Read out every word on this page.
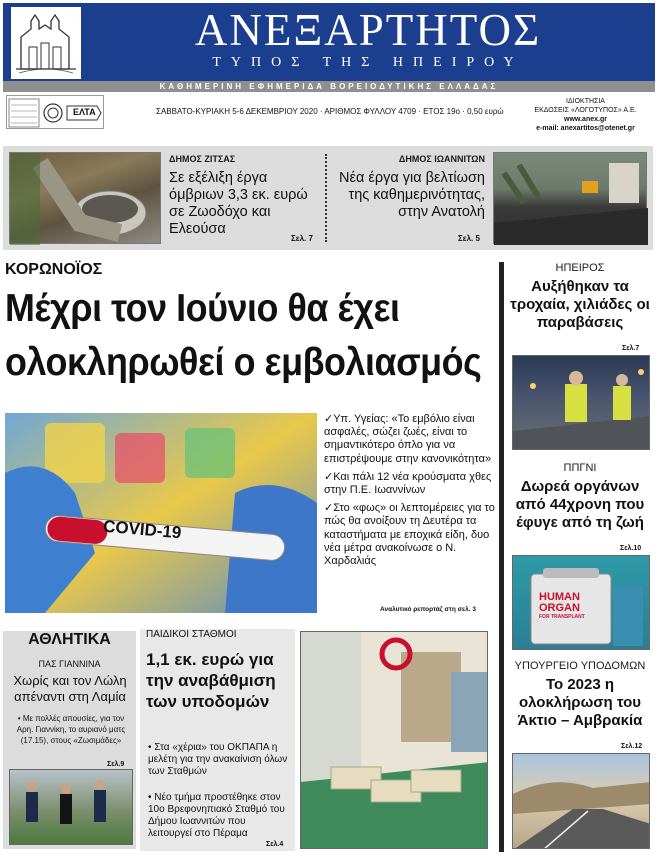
ΑΝΕΞΑΡΤΗΤΟΣ
ΤΥΠΟΣ ΤΗΣ ΗΠΕΙΡΟΥ
ΚΑΘΗΜΕΡΙΝΗ ΕΦΗΜΕΡΙΔΑ ΒΟΡΕΙΟΔΥΤΙΚΗΣ ΕΛΛΑΔΑΣ
ΕΛΤΑ	ΣΑΒΒΑΤΟ-ΚΥΡΙΑΚΗ 5-6 ΔΕΚΕΜΒΡΙΟΥ 2020 · ΑΡΙΘΜΟΣ ΦΥΛΛΟΥ 4709 · ΕΤΟΣ 19ο · 0,50 ευρώ
ΙΔΙΟΚΤΗΣΙΑ
ΕΚΔΟΣΕΙΣ «ΛΟΓΟΤΥΠΟΣ» Α.Ε.
www.anex.gr
e-mail: anexartitos@otenet.gr
ΔΗΜΟΣ ΖΙΤΣΑΣ
Σε εξέλιξη έργα όμβριων 3,3 εκ. ευρώ σε Ζωοδόχο και Ελεούσα
Σελ. 7
ΔΗΜΟΣ ΙΩΑΝΝΙΤΩΝ
Νέα έργα για βελτίωση της καθημερινότητας, στην Ανατολή
Σελ. 5
ΚΟΡΩΝΟΪΟΣ
Μέχρι τον Ιούνιο θα έχει
ολοκληρωθεί ο εμβολιασμός
COVID-19

✓Υπ. Υγείας: «Το εμβόλιο είναι ασφαλές, σώζει ζωές, είναι το σημαντικότερο όπλο για να επιστρέψουμε στην κανονικότητα»

✓Και πάλι 12 νέα κρούσματα χθες στην Π.Ε. Ιωαννίνων

✓Στο «φως» οι λεπτομέρειες για το πώς θα ανοίξουν τη Δευτέρα τα καταστήματα με εποχικά είδη, δυο νέα μέτρα ανακοίνωσε ο Ν. Χαρδαλιάς

Αναλυτικό ρεπορτάζ στη σελ. 3
ΗΠΕΙΡΟΣ
Αυξήθηκαν τα τροχαία, χιλιάδες οι παραβάσεις
Σελ.7
ΠΠΓΝΙ
Δωρεά οργάνων από 44χρονη που έφυγε από τη ζωή
Σελ.10
HUMAN
ORGAN
FOR TRANSPLANT
ΥΠΟΥΡΓΕΙΟ ΥΠΟΔΟΜΩΝ
Το 2023 η ολοκλήρωση του Άκτιο – Αμβρακία
Σελ.12
ΑΘΛΗΤΙΚΑ
ΠΑΣ ΓΙΑΝΝΙΝΑ
Χωρίς και τον Λώλη απέναντι στη Λαμία
• Με πολλές απουσίες, για τον Αρη. Γιαννίκη, το αυριανό ματς (17.15), στους «Ζωσιμάδες»
Σελ.9
ΠΑΙΔΙΚΟΙ ΣΤΑΘΜΟΙ
1,1 εκ. ευρώ για την αναβάθμιση των υποδομών
• Στα «χέρια» του ΟΚΠΑΠΑ η μελέτη για την ανακαίνιση όλων των Σταθμών
• Νέο τμήμα προστέθηκε στον 10ο Βρεφονηπιακό Σταθμό του Δήμου Ιωαννιτών που λειτουργεί στο Πέραμα
Σελ.4
